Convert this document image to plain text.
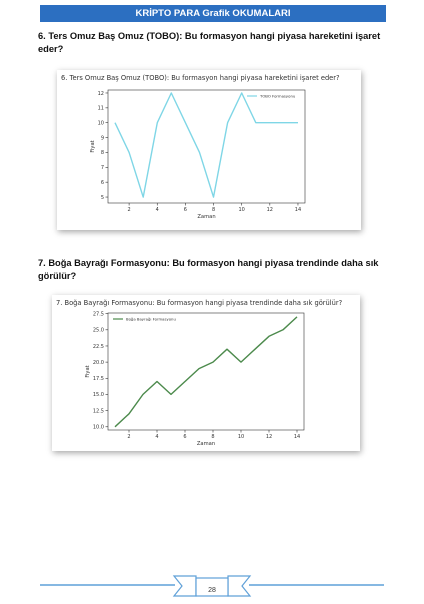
KRİPTO PARA Grafik OKUMALARI
6. Ters Omuz Baş Omuz (TOBO): Bu formasyon hangi piyasa hareketini işaret eder?
6. Ters Omuz Baş Omuz (TOBO): Bu formasyon hangi piyasa hareketini işaret eder?
2	4	6	8	10	12	14
5
6
7
8
9
10
11
12
Zaman
Fiyat
TOBO Formasyonu
7. Boğa Bayrağı Formasyonu: Bu formasyon hangi piyasa trendinde daha sık görülür?
7. Boğa Bayrağı Formasyonu: Bu formasyon hangi piyasa trendinde daha sık görülür?
2	4	6	8	10	12	14
10.0
12.5
15.0
17.5
20.0
22.5
25.0
27.5
Zaman
Fiyat
Boğa Bayrağı Formasyonu
28
